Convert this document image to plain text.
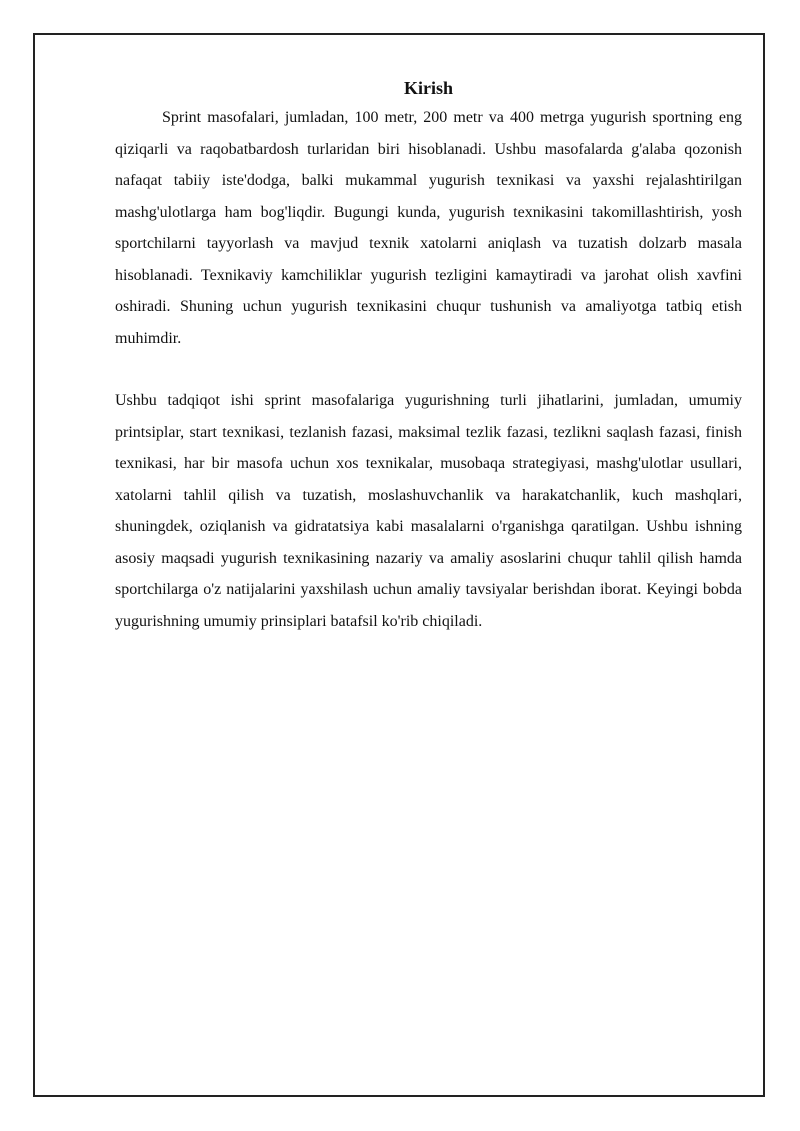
Kirish

Sprint masofalari, jumladan, 100 metr, 200 metr va 400 metrga yugurish sportning eng qiziqarli va raqobatbardosh turlaridan biri hisoblanadi. Ushbu masofalarda g'alaba qozonish nafaqat tabiiy iste'dodga, balki mukammal yugurish texnikasi va yaxshi rejalashtirilgan mashg'ulotlarga ham bog'liqdir. Bugungi kunda, yugurish texnikasini takomillashtirish, yosh sportchilarni tayyorlash va mavjud texnik xatolarni aniqlash va tuzatish dolzarb masala hisoblanadi. Texnikaviy kamchiliklar yugurish tezligini kamaytiradi va jarohat olish xavfini oshiradi. Shuning uchun yugurish texnikasini chuqur tushunish va amaliyotga tatbiq etish muhimdir.

Ushbu tadqiqot ishi sprint masofalariga yugurishning turli jihatlarini, jumladan, umumiy printsiplar, start texnikasi, tezlanish fazasi, maksimal tezlik fazasi, tezlikni saqlash fazasi, finish texnikasi, har bir masofa uchun xos texnikalar, musobaqa strategiyasi, mashg'ulotlar usullari, xatolarni tahlil qilish va tuzatish, moslashuvchanlik va harakatchanlik, kuch mashqlari, shuningdek, oziqlanish va gidratatsiya kabi masalalarni o'rganishga qaratilgan. Ushbu ishning asosiy maqsadi yugurish texnikasining nazariy va amaliy asoslarini chuqur tahlil qilish hamda sportchilarga o'z natijalarini yaxshilash uchun amaliy tavsiyalar berishdan iborat. Keyingi bobda yugurishning umumiy prinsiplari batafsil ko'rib chiqiladi.
